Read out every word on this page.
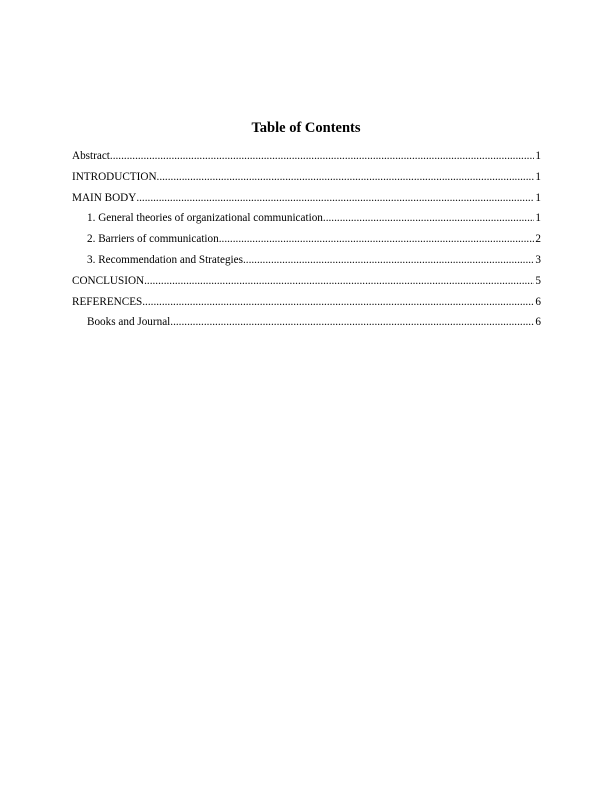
Table of Contents
Abstract .....	1
INTRODUCTION .....	1
MAIN BODY .....	1
1. General theories of organizational communication .....	1
2. Barriers of communication .....	2
3. Recommendation and Strategies .....	3
CONCLUSION .....	5
REFERENCES .....	6
Books and Journal .....	6
